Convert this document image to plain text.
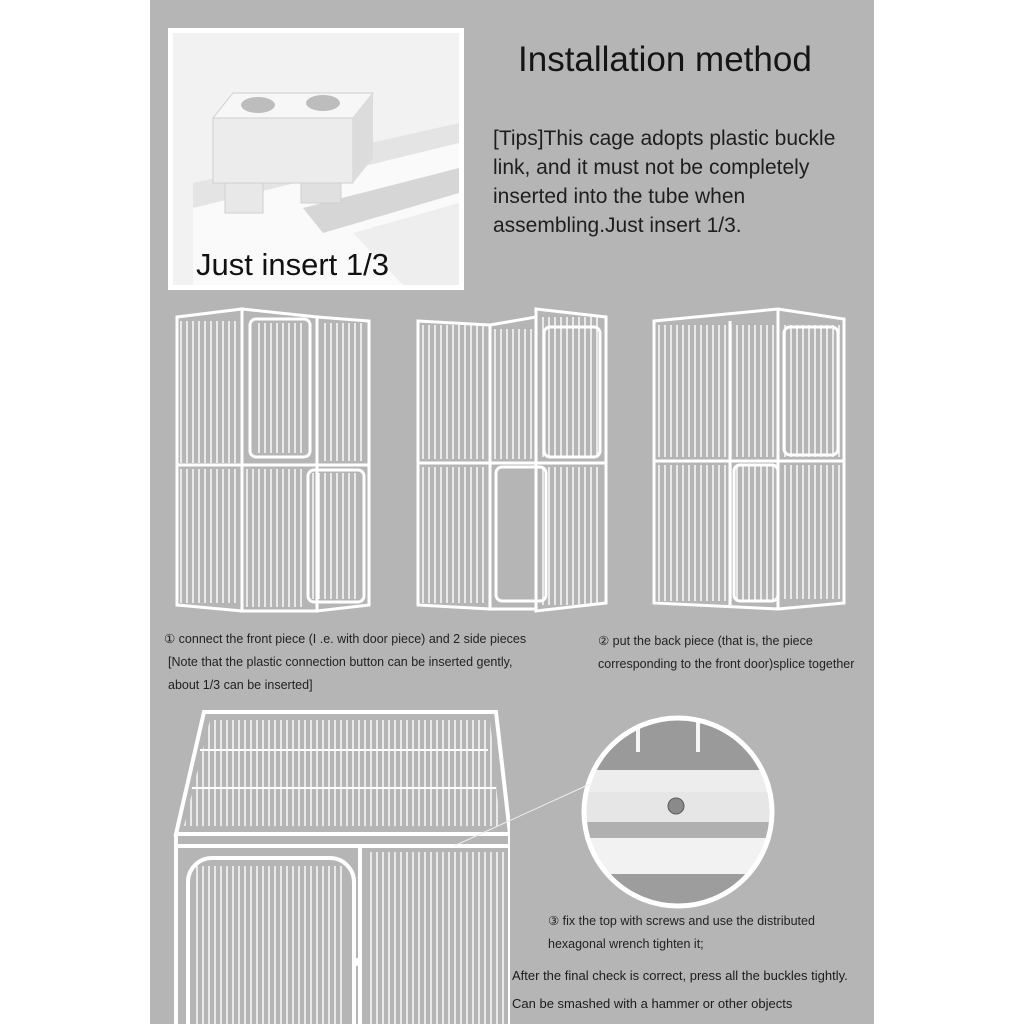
Just insert 1/3
Installation method
[Tips]This cage adopts plastic buckle link, and it must not be completely inserted into the tube when assembling.Just insert 1/3.
① connect the front piece (I .e. with door piece) and 2 side pieces
[Note that the plastic connection button can be inserted gently,
about 1/3 can be inserted]
② put the back piece (that is, the piece
corresponding to the front door)splice together
③ fix the top with screws and use the distributed
hexagonal wrench tighten it;
After the final check is correct, press all the buckles tightly.
Can be smashed with a hammer or other objects
